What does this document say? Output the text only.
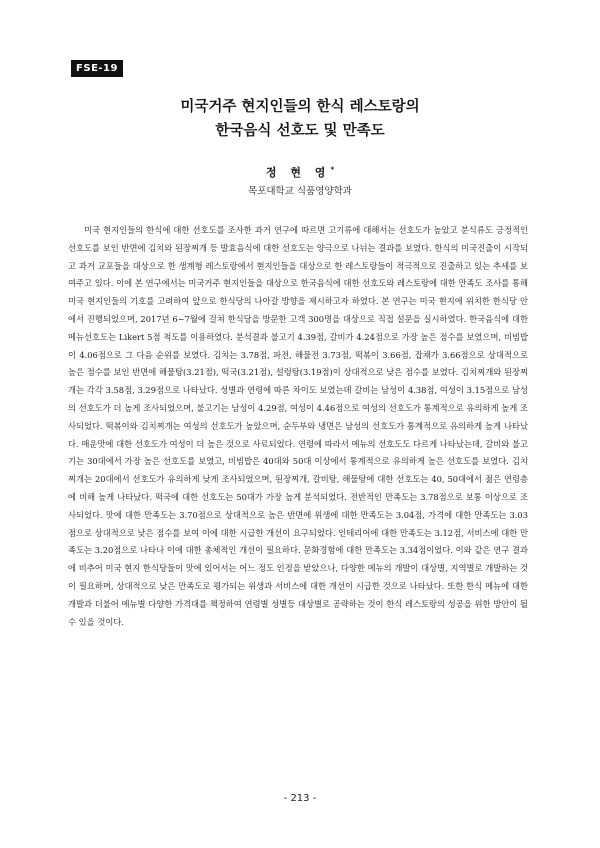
FSE-19
미국거주 현지인들의 한식 레스토랑의
한국음식 선호도 및 만족도
정 현 영*
목포대학교 식품영양학과

미국 현지인들의 한식에 대한 선호도를 조사한 과거 연구에 따르면 고기류에 대해서는 선호도가 높았고 분식류도 긍정적인 선호도를 보인 반면에 김치와 된장찌개 등 발효음식에 대한 선호도는 양극으로 나뉘는 결과를 보였다. 한식의 미국진출이 시작되고 과거 교포들을 대상으로 한 생계형 레스토랑에서 현지인들을 대상으로 한 레스토랑들이 적극적으로 진출하고 있는 추세를 보여주고 있다. 이에 본 연구에서는 미국거주 현지인들을 대상으로 한국음식에 대한 선호도와 레스토랑에 대한 만족도 조사를 통해 미국 현지인들의 기호를 고려하여 앞으로 한식당의 나아갈 방향을 제시하고자 하였다. 본 연구는 미국 현지에 위치한 한식당 안에서 진행되었으며, 2017년 6~7월에 걸쳐 한식당을 방문한 고객 300명을 대상으로 직접 설문을 실시하였다. 한국음식에 대한 메뉴선호도는 Likert 5점 척도를 이용하였다. 분석결과 불고기 4.39점, 갈비가 4.24점으로 가장 높은 점수를 보였으며, 비빔밥이 4.06점으로 그 다음 순위를 보였다. 김치는 3.78점, 파전, 해물전 3.73점, 떡볶이 3.66점, 잡채가 3.66점으로 상대적으로 높은 점수를 보인 반면에 해물탕(3.21점), 떡국(3.21점), 설렁탕(3.19점)이 상대적으로 낮은 점수를 보였다. 김치찌개와 된장찌개는 각각 3.58점, 3.29점으로 나타났다. 성별과 연령에 따른 차이도 보였는데 갈비는 남성이 4.38점, 여성이 3.15점으로 남성의 선호도가 더 높게 조사되었으며, 불고기는 남성이 4.29점, 여성이 4.46점으로 여성의 선호도가 통계적으로 유의하게 높게 조사되었다. 떡볶이와 김치찌개는 여성의 선호도가 높았으며, 순두부와 냉면은 남성의 선호도가 통계적으로 유의하게 높게 나타났다. 매운맛에 대한 선호도가 여성이 더 높은 것으로 사료되었다. 연령에 따라서 메뉴의 선호도도 다르게 나타났는데, 갈비와 불고기는 30대에서 가장 높은 선호도를 보였고, 비빔밥은 40대와 50대 이상에서 통계적으로 유의하게 높은 선호도를 보였다. 김치찌개는 20대에서 선호도가 유의하게 낮게 조사되었으며, 된장찌개, 갈비탕, 해물탕에 대한 선호도는 40, 50대에서 젊은 연령층에 비해 높게 나타났다. 떡국에 대한 선호도는 50대가 가장 높게 분석되었다. 전반적인 만족도는 3.78점으로 보통 이상으로 조사되었다. 맛에 대한 만족도는 3.70점으로 상대적으로 높은 반면에 위생에 대한 만족도는 3.04점, 가격에 대한 만족도는 3.03점으로 상대적으로 낮은 점수를 보여 이에 대한 시급한 개선이 요구되었다. 인테리어에 대한 만족도는 3.12점, 서비스에 대한 만족도는 3.20점으로 나타나 이에 대한 총체적인 개선이 필요하다. 문화경험에 대한 만족도는 3.34점이었다. 이와 같은 연구 결과에 비추어 미국 현지 한식당들이 맛에 있어서는 어느 정도 인정을 받았으나, 다양한 메뉴의 개발이 대상별, 지역별로 개발하는 것이 필요하며, 상대적으로 낮은 만족도로 평가되는 위생과 서비스에 대한 개선이 시급한 것으로 나타났다. 또한 한식 메뉴에 대한 개발과 더불어 메뉴별 다양한 가격대를 책정하여 연령별 성별등 대상별로 공략하는 것이 한식 레스토랑의 성공을 위한 방안이 될 수 있을 것이다.

- 213 -
